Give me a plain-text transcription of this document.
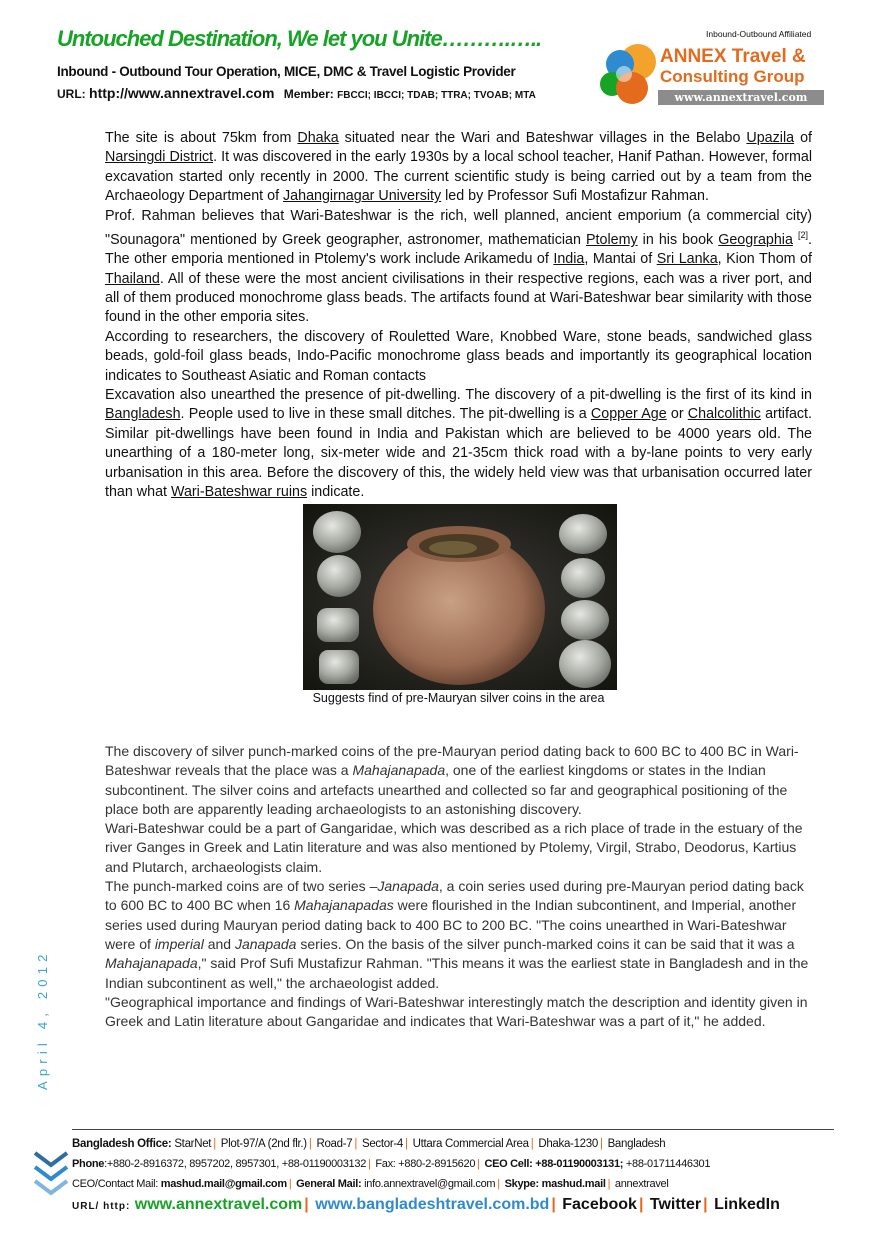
Untouched Destination, We let you Unite……….…..
Inbound - Outbound Tour Operation, MICE, DMC & Travel Logistic Provider
URL: http://www.annextravel.com Member: FBCCI; IBCCI; TDAB; TTRA; TVOAB; MTA
Inbound-Outbound Affiliated
ANNEX Travel &
Consulting Group
www.annextravel.com

The site is about 75km from Dhaka situated near the Wari and Bateshwar villages in the Belabo Upazila of Narsingdi District. It was discovered in the early 1930s by a local school teacher, Hanif Pathan. However, formal excavation started only recently in 2000. The current scientific study is being carried out by a team from the Archaeology Department of Jahangirnagar University led by Professor Sufi Mostafizur Rahman.

Prof. Rahman believes that Wari-Bateshwar is the rich, well planned, ancient emporium (a commercial city) "Sounagora" mentioned by Greek geographer, astronomer, mathematician Ptolemy in his book Geographia [2]. The other emporia mentioned in Ptolemy's work include Arikamedu of India, Mantai of Sri Lanka, Kion Thom of Thailand. All of these were the most ancient civilisations in their respective regions, each was a river port, and all of them produced monochrome glass beads. The artifacts found at Wari-Bateshwar bear similarity with those found in the other emporia sites.

According to researchers, the discovery of Rouletted Ware, Knobbed Ware, stone beads, sandwiched glass beads, gold-foil glass beads, Indo-Pacific monochrome glass beads and importantly its geographical location indicates to Southeast Asiatic and Roman contacts

Excavation also unearthed the presence of pit-dwelling. The discovery of a pit-dwelling is the first of its kind in Bangladesh. People used to live in these small ditches. The pit-dwelling is a Copper Age or Chalcolithic artifact. Similar pit-dwellings have been found in India and Pakistan which are believed to be 4000 years old. The unearthing of a 180-meter long, six-meter wide and 21-35cm thick road with a by-lane points to very early urbanisation in this area. Before the discovery of this, the widely held view was that urbanisation occurred later than what Wari-Bateshwar ruins indicate.

Suggests find of pre-Mauryan silver coins in the area

The discovery of silver punch-marked coins of the pre-Mauryan period dating back to 600 BC to 400 BC in Wari-Bateshwar reveals that the place was a Mahajanapada, one of the earliest kingdoms or states in the Indian subcontinent. The silver coins and artefacts unearthed and collected so far and geographical positioning of the place both are apparently leading archaeologists to an astonishing discovery.

Wari-Bateshwar could be a part of Gangaridae, which was described as a rich place of trade in the estuary of the river Ganges in Greek and Latin literature and was also mentioned by Ptolemy, Virgil, Strabo, Deodorus, Kartius and Plutarch, archaeologists claim.

The punch-marked coins are of two series –Janapada, a coin series used during pre-Mauryan period dating back to 600 BC to 400 BC when 16 Mahajanapadas were flourished in the Indian subcontinent, and Imperial, another series used during Mauryan period dating back to 400 BC to 200 BC. "The coins unearthed in Wari-Bateshwar were of imperial and Janapada series. On the basis of the silver punch-marked coins it can be said that it was a Mahajanapada," said Prof Sufi Mustafizur Rahman. "This means it was the earliest state in Bangladesh and in the Indian subcontinent as well," the archaeologist added.

"Geographical importance and findings of Wari-Bateshwar interestingly match the description and identity given in Greek and Latin literature about Gangaridae and indicates that Wari-Bateshwar was a part of it," he added.

April 4, 2012
Bangladesh Office: StarNet | Plot-97/A (2nd flr.) | Road-7 | Sector-4 | Uttara Commercial Area | Dhaka-1230 | Bangladesh
Phone:+880-2-8916372, 8957202, 8957301, +88-01190003132 | Fax: +880-2-8915620 | CEO Cell: +88-01190003131; +88-01711446301
CEO/Contact Mail: mashud.mail@gmail.com | General Mail: info.annextravel@gmail.com | Skype: mashud.mail | annextravel
URL/ http: www.annextravel.com | www.bangladeshtravel.com.bd | Facebook | Twitter | LinkedIn
